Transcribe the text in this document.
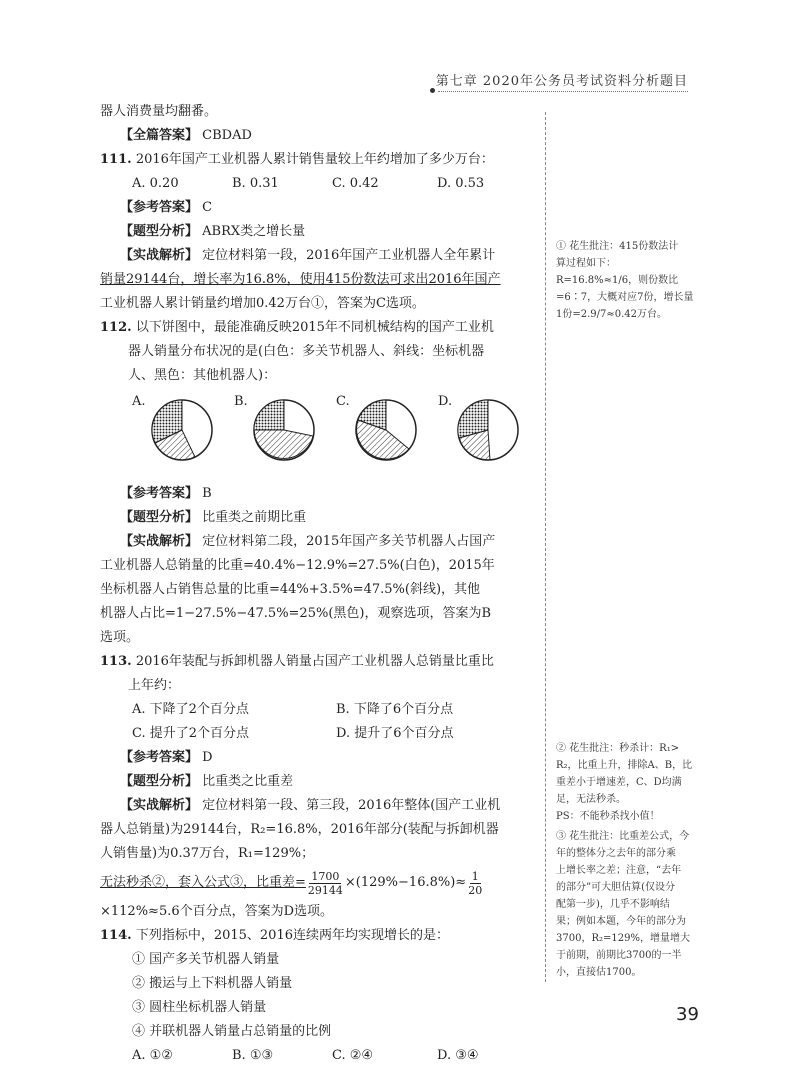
第七章 2020年公务员考试资料分析题目

器人消费量均翻番。

【全篇答案】 CBDAD

111. 2016年国产工业机器人累计销售量较上年约增加了多少万台：

A. 0.20	B. 0.31	C. 0.42	D. 0.53

【参考答案】 C

【题型分析】 ABRX类之增长量

【实战解析】 定位材料第一段，2016年国产工业机器人全年累计

销量29144台，增长率为16.8%，使用415份数法可求出2016年国产

工业机器人累计销量约增加0.42万台①，答案为C选项。

112. 以下饼图中，最能准确反映2015年不同机械结构的国产工业机

器人销量分布状况的是(白色：多关节机器人、斜线：坐标机器

人、黑色：其他机器人)：

A.	B.	C.	D.

【参考答案】 B

【题型分析】 比重类之前期比重

【实战解析】 定位材料第二段，2015年国产多关节机器人占国产

工业机器人总销量的比重=40.4%−12.9%=27.5%(白色)，2015年

坐标机器人占销售总量的比重=44%+3.5%=47.5%(斜线)，其他

机器人占比=1−27.5%−47.5%=25%(黑色)，观察选项，答案为B

选项。

113. 2016年装配与拆卸机器人销量占国产工业机器人总销量比重比

上年约：

A. 下降了2个百分点	B. 下降了6个百分点
C. 提升了2个百分点	D. 提升了6个百分点

【参考答案】 D

【题型分析】 比重类之比重差

【实战解析】 定位材料第一段、第三段，2016年整体(国产工业机

器人总销量)为29144台，R₂=16.8%，2016年部分(装配与拆卸机器

人销售量)为0.37万台，R₁=129%；

无法秒杀②，套入公式③，比重差= $\frac{1700}{29144} \times(129\%-16.8\%)\approx \frac{1}{20}$

×112%≈5.6个百分点，答案为D选项。

114. 下列指标中，2015、2016连续两年均实现增长的是：

① 国产多关节机器人销量

② 搬运与上下料机器人销量

③ 圆柱坐标机器人销量

④ 并联机器人销量占总销量的比例

A. ①②	B. ①③	C. ②④	D. ③④

① 花生批注：415份数法计

算过程如下：

R=16.8%≈1/6，则份数比

=6∶7，大概对应7份，增长量

1份=2.9/7≈0.42万台。

② 花生批注：秒杀计：R₁>

R₂，比重上升，排除A、B，比

重差小于增速差，C、D均满

足，无法秒杀。

PS：不能秒杀找小值！

③ 花生批注：比重差公式，今

年的整体分之去年的部分乘

上增长率之差；注意，“去年

的部分”可大胆估算(仅设分

配第一步)，几乎不影响结

果；例如本题，今年的部分为

3700，R₂=129%，增量增大

于前期，前期比3700的一半

小，直接估1700。

39
